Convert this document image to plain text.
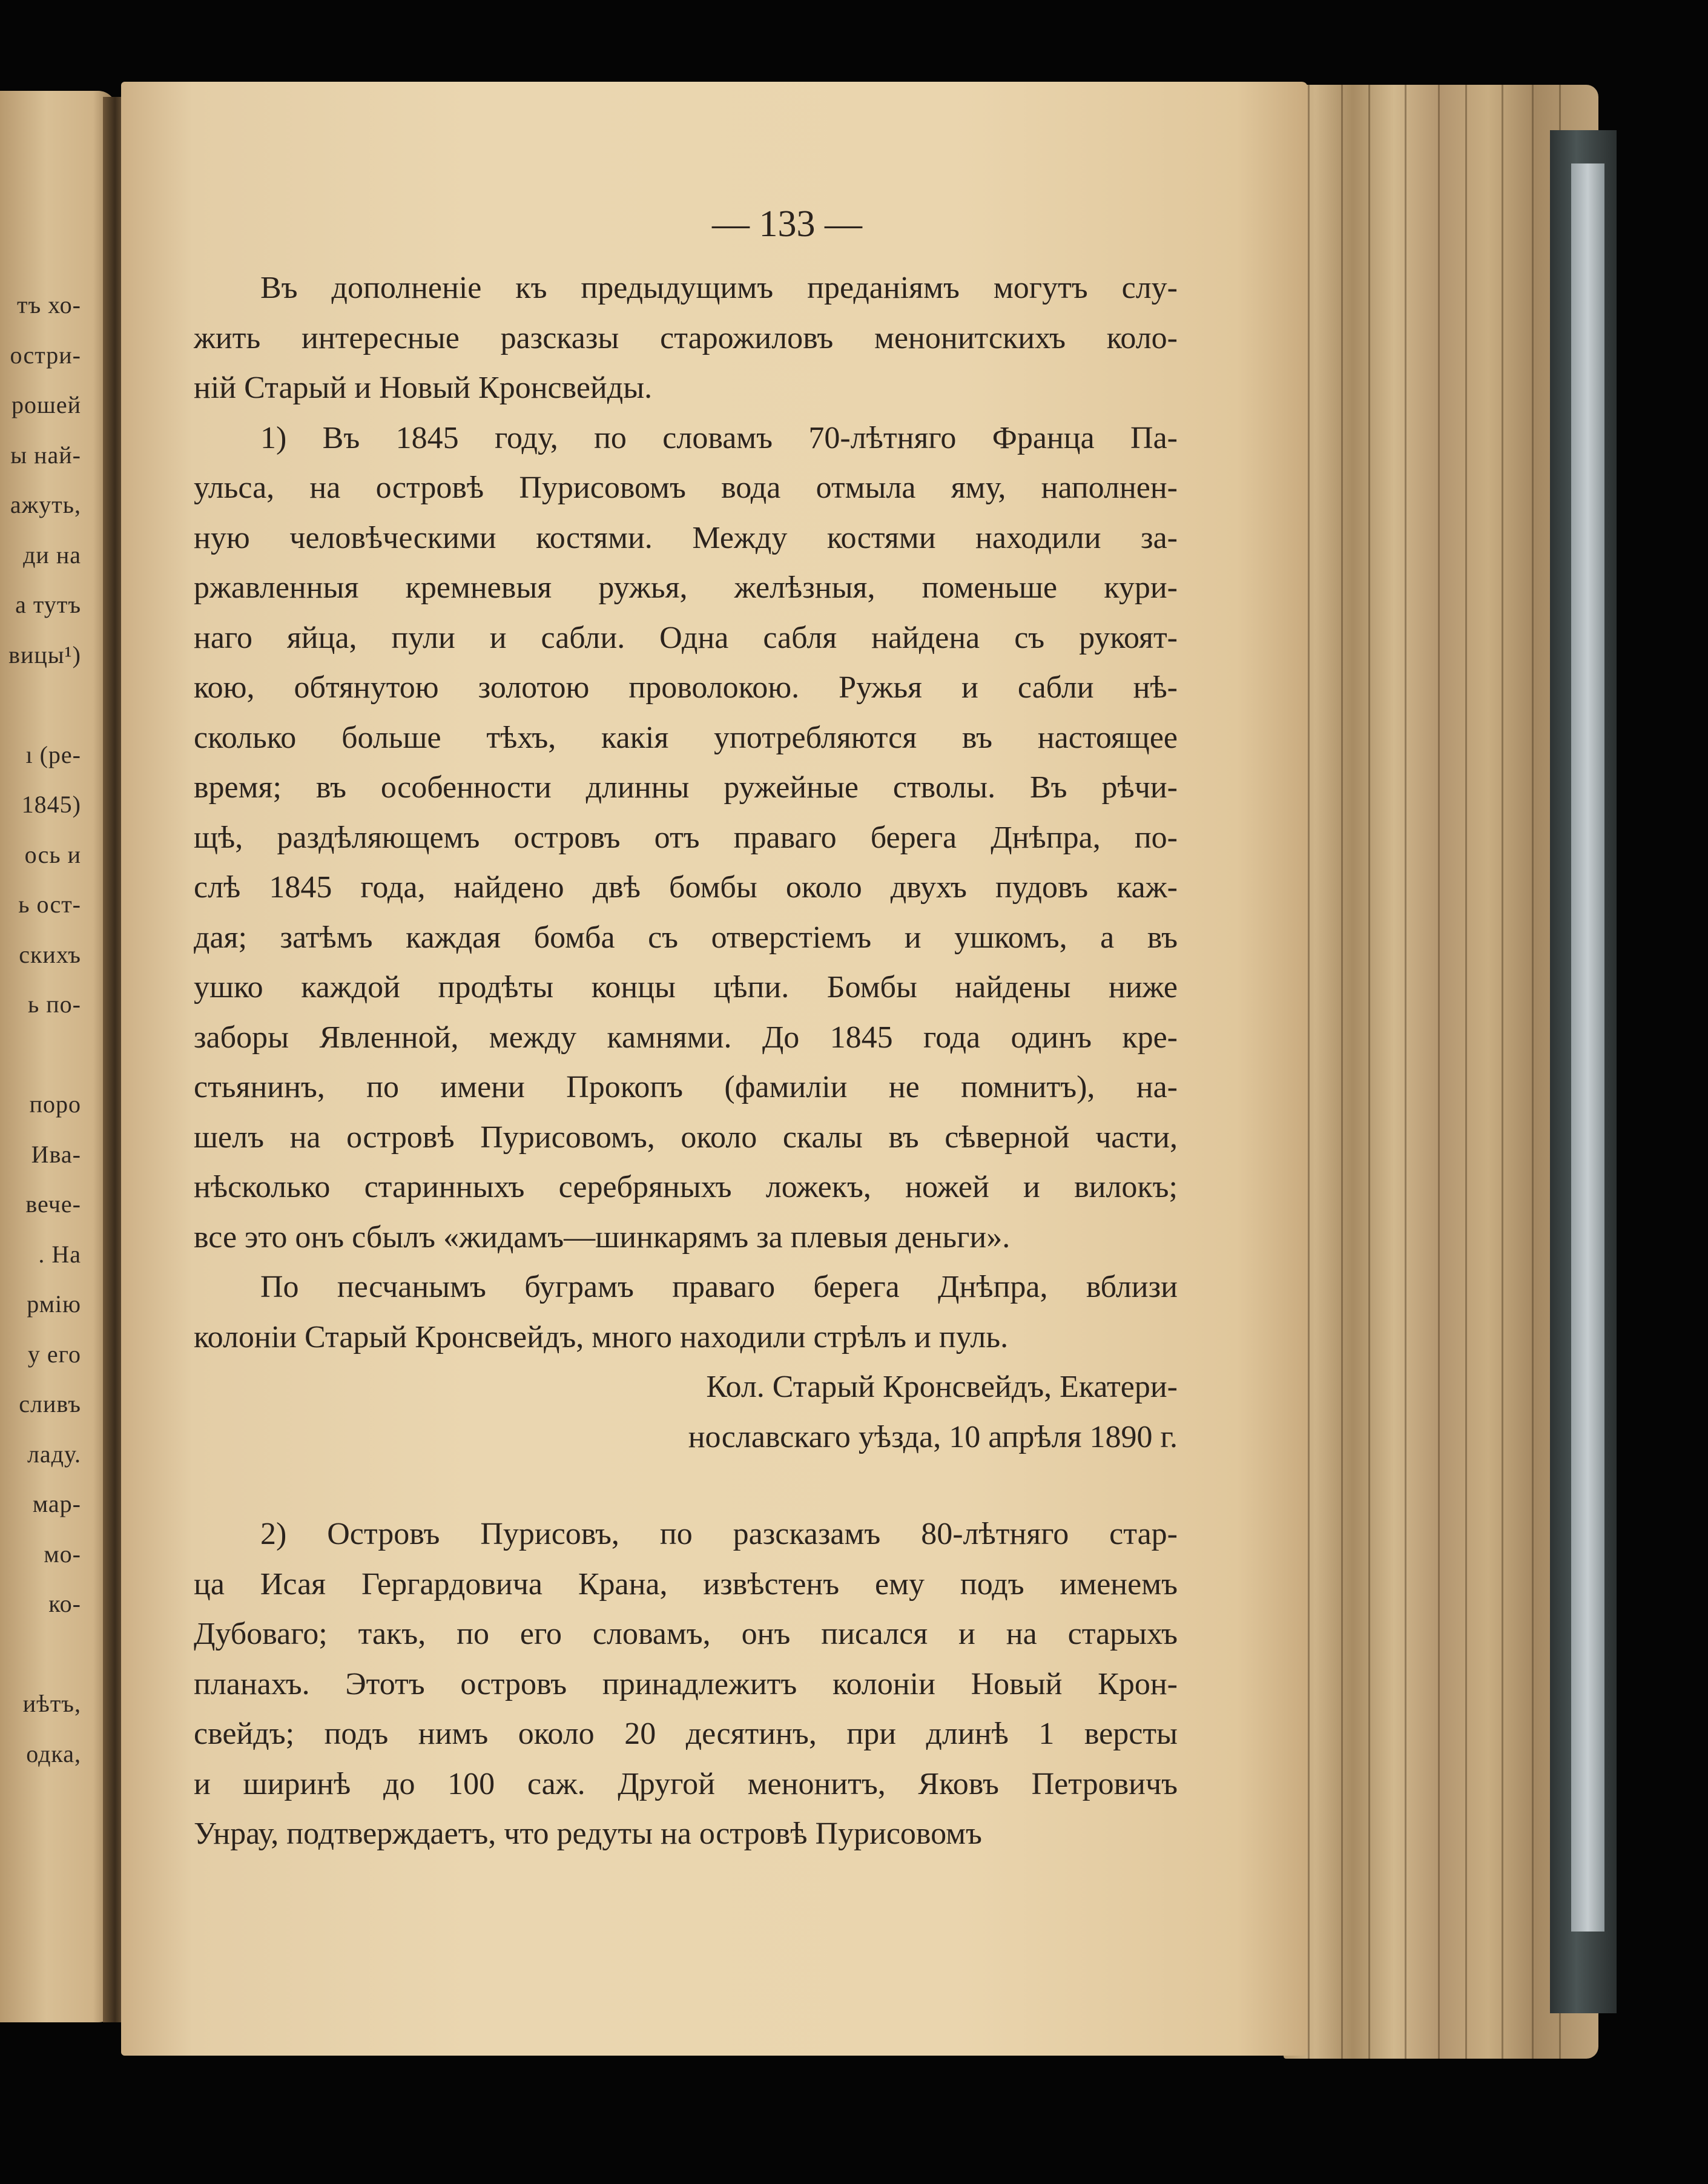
тъ хо-
остри-
рошей
ы най-
ажуть,
ди на
а тутъ
вицы¹)
ı (ре-
1845)
ось и
ь ост-
скихъ
ь по-
поро
Ива-
вече-
. На
рмію
у его
сливъ
ладу.
мар-
мо-
ко-
иѣтъ,
одка,
— 133 —

Въ дополненіе къ предыдущимъ преданіямъ могутъ слу-

жить интересные разсказы старожиловъ менонитскихъ коло-

ній Старый и Новый Кронсвейды.

1) Въ 1845 году, по словамъ 70-лѣтняго Франца Па-

ульса, на островѣ Пурисовомъ вода отмыла яму, наполнен-

ную человѣческими костями. Между костями находили за-

ржавленныя кремневыя ружья, желѣзныя, поменьше кури-

наго яйца, пули и сабли. Одна сабля найдена съ рукоят-

кою, обтянутою золотою проволокою. Ружья и сабли нѣ-

сколько больше тѣхъ, какія употребляются въ настоящее

время; въ особенности длинны ружейные стволы. Въ рѣчи-

щѣ, раздѣляющемъ островъ отъ праваго берега Днѣпра, по-

слѣ 1845 года, найдено двѣ бомбы около двухъ пудовъ каж-

дая; затѣмъ каждая бомба съ отверстіемъ и ушкомъ, а въ

ушко каждой продѣты концы цѣпи. Бомбы найдены ниже

заборы Явленной, между камнями. До 1845 года одинъ кре-

стьянинъ, по имени Прокопъ (фамиліи не помнитъ), на-

шелъ на островѣ Пурисовомъ, около скалы въ сѣверной части,

нѣсколько старинныхъ серебряныхъ ложекъ, ножей и вилокъ;

все это онъ сбылъ «жидамъ—шинкарямъ за плевыя деньги».

По песчанымъ буграмъ праваго берега Днѣпра, вблизи

колоніи Старый Кронсвейдъ, много находили стрѣлъ и пуль.

Кол. Старый Кронсвейдъ, Екатери-

нославскаго уѣзда, 10 апрѣля 1890 г.

2) Островъ Пурисовъ, по разсказамъ 80-лѣтняго стар-

ца Исая Гергардовича Крана, извѣстенъ ему подъ именемъ

Дубоваго; такъ, по его словамъ, онъ писался и на старыхъ

планахъ. Этотъ островъ принадлежитъ колоніи Новый Крон-

свейдъ; подъ нимъ около 20 десятинъ, при длинѣ 1 версты

и ширинѣ до 100 саж. Другой менонитъ, Яковъ Петровичъ

Унрау, подтверждаетъ, что редуты на островѣ Пурисовомъ
